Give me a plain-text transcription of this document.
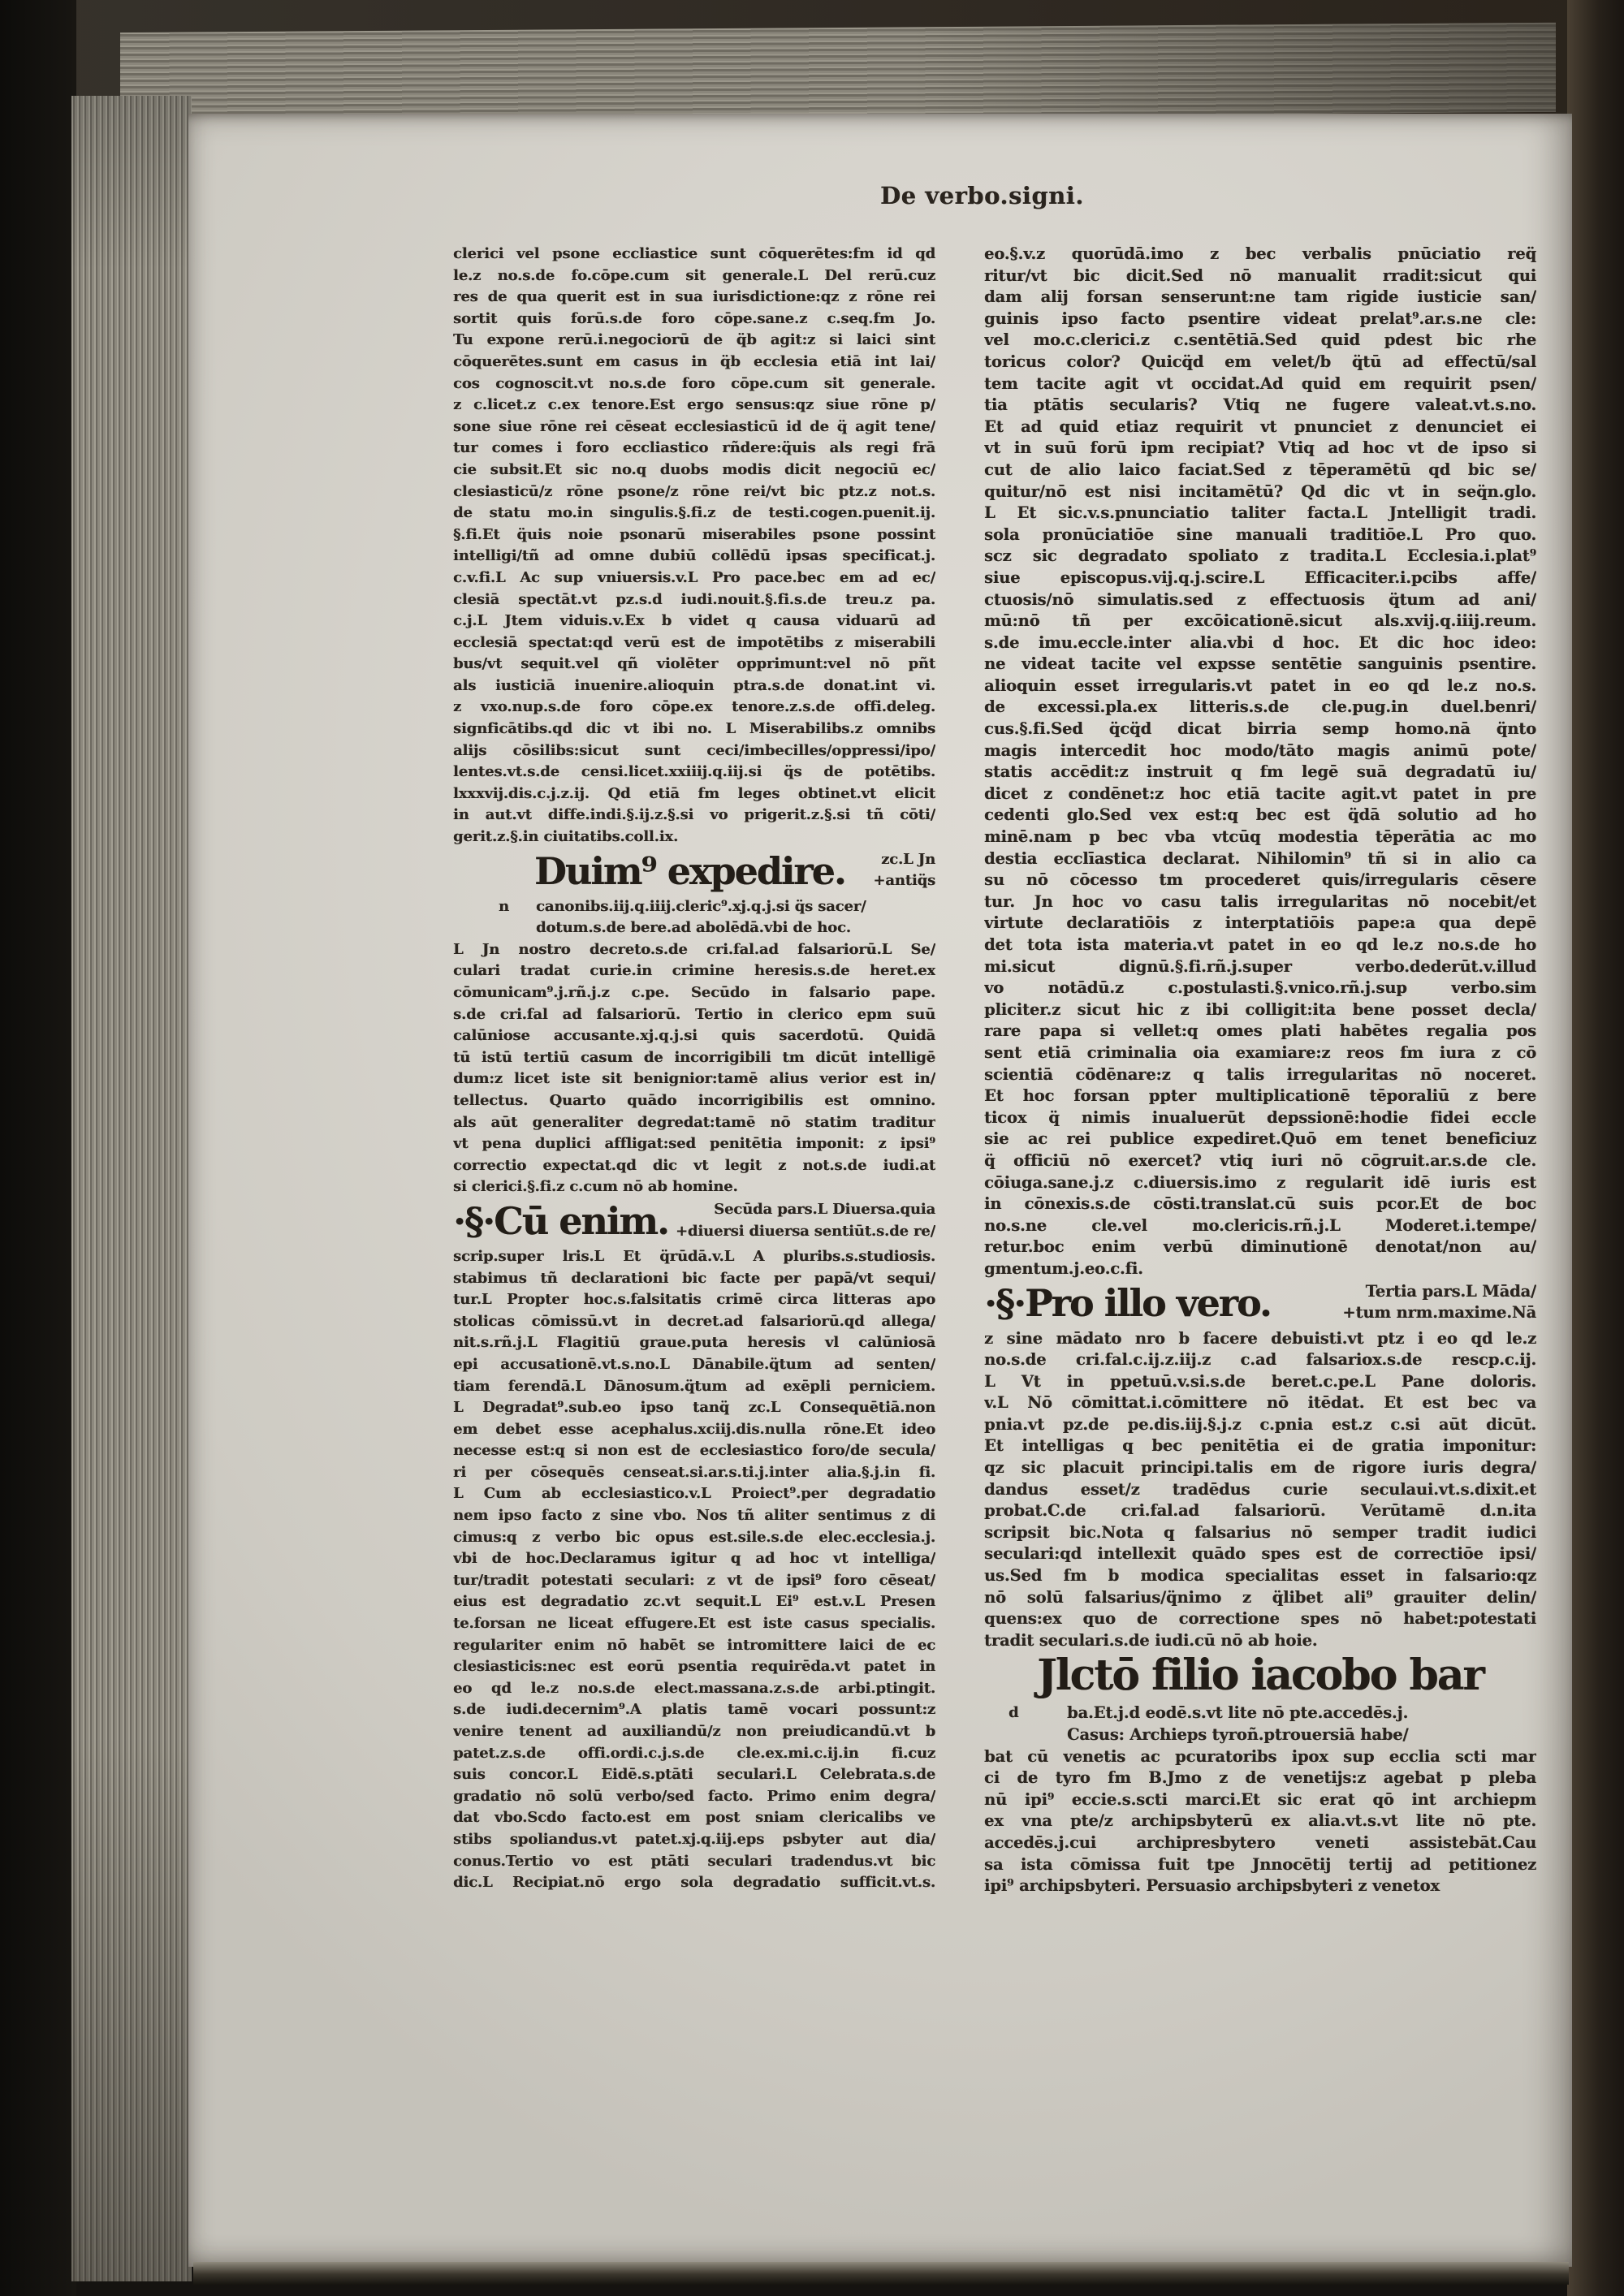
De verbo.signi.
clerici vel psone eccliastice sunt cōquerētes:fm id qd
le.z no.s.de fo.cōpe.cum sit generale.L Del rerū.cuz
res de qua querit est in sua iurisdictione:qz z rōne rei
sortit quis forū.s.de foro cōpe.sane.z c.seq.fm Jo.
Tu expone rerū.i.negociorū de q̈b agit:z si laici sint
cōquerētes.sunt em casus in q̈b ecclesia etiā int lai/
cos cognoscit.vt no.s.de foro cōpe.cum sit generale.
z c.licet.z c.ex tenore.Est ergo sensus:qz siue rōne p/
sone siue rōne rei cēseat ecclesiasticū id de q̈ agit tene/
tur comes i foro eccliastico rñdere:q̈uis als regi frā
cie subsit.Et sic no.q duobs modis dicit negociū ec/
clesiasticū/z rōne psone/z rōne rei/vt bic ptz.z not.s.
de statu mo.in singulis.§.fi.z de testi.cogen.puenit.ij.
§.fi.Et q̈uis noie psonarū miserabiles psone possint
intelligi/tñ ad omne dubiū collēdū ipsas specificat.j.
c.v.fi.L Ac sup vniuersis.v.L Pro pace.bec em ad ec/
clesiā spectāt.vt pz.s.d iudi.nouit.§.fi.s.de treu.z pa.
c.j.L Jtem viduis.v.Ex b videt q causa viduarū ad
ecclesiā spectat:qd verū est de impotētibs z miserabili
bus/vt sequit.vel qñ violēter opprimunt:vel nō pñt
als iusticiā inuenire.alioquin ptra.s.de donat.int vi.
z vxo.nup.s.de foro cōpe.ex tenore.z.s.de offi.deleg.
signficātibs.qd dic vt ibi no. L Miserabilibs.z omnibs
alijs cōsilibs:sicut sunt ceci/imbecilles/oppressi/ipo/
lentes.vt.s.de censi.licet.xxiiij.q.iij.si q̈s de potētibs.
lxxxvij.dis.c.j.z.ij. Qd etiā fm leges obtinet.vt elicit
in aut.vt diffe.indi.§.ij.z.§.si vo prigerit.z.§.si tñ cōti/
gerit.z.§.in ciuitatibs.coll.ix.
Duim⁹ expedire.	zc.L Jn
+antiq̈s
n	canonibs.iij.q.iiij.cleric⁹.xj.q.j.si q̈s sacer/
dotum.s.de bere.ad abolēdā.vbi de hoc.
L Jn nostro decreto.s.de cri.fal.ad falsariorū.L Se/
culari tradat curie.in crimine heresis.s.de heret.ex
cōmunicam⁹.j.rñ.j.z c.pe. Secūdo in falsario pape.
s.de cri.fal ad falsariorū. Tertio in clerico epm suū
calūniose accusante.xj.q.j.si quis sacerdotū. Quidā
tū istū tertiū casum de incorrigibili tm dicūt intelligē
dum:z licet iste sit benignior:tamē alius verior est in/
tellectus. Quarto quādo incorrigibilis est omnino.
als aūt generaliter degredat:tamē nō statim traditur
vt pena duplici affligat:sed penitētia imponit: z ipsi⁹
correctio expectat.qd dic vt legit z not.s.de iudi.at
si clerici.§.fi.z c.cum nō ab homine.
·§·Cū enim.	Secūda pars.L Diuersa.quia
+diuersi diuersa sentiūt.s.de re/
scrip.super lris.L Et q̈rūdā.v.L A pluribs.s.studiosis.
stabimus tñ declarationi bic facte per papā/vt sequi/
tur.L Propter hoc.s.falsitatis crimē circa litteras apo
stolicas cōmissū.vt in decret.ad falsariorū.qd allega/
nit.s.rñ.j.L Flagitiū graue.puta heresis vl calūniosā
epi accusationē.vt.s.no.L Dānabile.q̈tum ad senten/
tiam ferendā.L Dānosum.q̈tum ad exēpli perniciem.
L Degradat⁹.sub.eo ipso tanq̈ zc.L Consequētiā.non
em debet esse acephalus.xciij.dis.nulla rōne.Et ideo
necesse est:q si non est de ecclesiastico foro/de secula/
ri per cōsequēs censeat.si.ar.s.ti.j.inter alia.§.j.in fi.
L Cum ab ecclesiastico.v.L Proiect⁹.per degradatio
nem ipso facto z sine vbo. Nos tñ aliter sentimus z di
cimus:q z verbo bic opus est.sile.s.de elec.ecclesia.j.
vbi de hoc.Declaramus igitur q ad hoc vt intelliga/
tur/tradit potestati seculari: z vt de ipsi⁹ foro cēseat/
eius est degradatio zc.vt sequit.L Ei⁹ est.v.L Presen
te.forsan ne liceat effugere.Et est iste casus specialis.
regulariter enim nō habēt se intromittere laici de ec
clesiasticis:nec est eorū psentia requirēda.vt patet in
eo qd le.z no.s.de elect.massana.z.s.de arbi.ptingit.
s.de iudi.decernim⁹.A platis tamē vocari possunt:z
venire tenent ad auxiliandū/z non preiudicandū.vt b
patet.z.s.de offi.ordi.c.j.s.de cle.ex.mi.c.ij.in fi.cuz
suis concor.L Eidē.s.ptāti seculari.L Celebrata.s.de
gradatio nō solū verbo/sed facto. Primo enim degra/
dat vbo.Scdo facto.est em post sniam clericalibs ve
stibs spoliandus.vt patet.xj.q.iij.eps psbyter aut dia/
conus.Tertio vo est ptāti seculari tradendus.vt bic
dic.L Recipiat.nō ergo sola degradatio sufficit.vt.s.
eo.§.v.z quorūdā.imo z bec verbalis pnūciatio req̈
ritur/vt bic dicit.Sed nō manualit rradit:sicut qui
dam alij forsan senserunt:ne tam rigide iusticie san/
guinis ipso facto psentire videat prelat⁹.ar.s.ne cle:
vel mo.c.clerici.z c.sentētiā.Sed quid pdest bic rhe
toricus color? Quicq̈d em velet/b q̈tū ad effectū/sal
tem tacite agit vt occidat.Ad quid em requirit psen/
tia ptātis secularis? Vtiq ne fugere valeat.vt.s.no.
Et ad quid etiaz requirit vt pnunciet z denunciet ei
vt in suū forū ipm recipiat? Vtiq ad hoc vt de ipso si
cut de alio laico faciat.Sed z tēperamētū qd bic se/
quitur/nō est nisi incitamētū? Qd dic vt in seq̈n.glo.
L Et sic.v.s.pnunciatio taliter facta.L Jntelligit tradi.
sola pronūciatiōe sine manuali traditiōe.L Pro quo.
scz sic degradato spoliato z tradita.L Ecclesia.i.plat⁹
siue episcopus.vij.q.j.scire.L Efficaciter.i.pcibs affe/
ctuosis/nō simulatis.sed z effectuosis q̈tum ad ani/
mū:nō tñ per excōicationē.sicut als.xvij.q.iiij.reum.
s.de imu.eccle.inter alia.vbi d hoc. Et dic hoc ideo:
ne videat tacite vel expsse sentētie sanguinis psentire.
alioquin esset irregularis.vt patet in eo qd le.z no.s.
de excessi.pla.ex litteris.s.de cle.pug.in duel.benri/
cus.§.fi.Sed q̈cq̈d dicat birria semp homo.nā q̈nto
magis intercedit hoc modo/tāto magis animū pote/
statis accēdit:z instruit q fm legē suā degradatū iu/
dicet z condēnet:z hoc etiā tacite agit.vt patet in pre
cedenti glo.Sed vex est:q bec est q̈dā solutio ad ho
minē.nam p bec vba vtcūq modestia tēperātia ac mo
destia ecclīastica declarat. Nihilomin⁹ tñ si in alio ca
su nō cōcesso tm procederet quis/irregularis cēsere
tur. Jn hoc vo casu talis irregularitas nō nocebit/et
virtute declaratiōis z interptatiōis pape:a qua depē
det tota ista materia.vt patet in eo qd le.z no.s.de ho
mi.sicut dignū.§.fi.rñ.j.super verbo.dederūt.v.illud
vo notādū.z c.postulasti.§.vnico.rñ.j.sup verbo.sim
pliciter.z sicut hic z ibi colligit:ita bene posset decla/
rare papa si vellet:q omes plati habētes regalia pos
sent etiā criminalia oia examiare:z reos fm iura z cō
scientiā cōdēnare:z q talis irregularitas nō noceret.
Et hoc forsan ppter multiplicationē tēporaliū z bere
ticox q̈ nimis inualuerūt depssionē:hodie fidei eccle
sie ac rei publice expediret.Quō em tenet beneficiuz
q̈ officiū nō exercet? vtiq iuri nō cōgruit.ar.s.de cle.
cōiuga.sane.j.z c.diuersis.imo z regularit idē iuris est
in cōnexis.s.de cōsti.translat.cū suis pcor.Et de boc
no.s.ne cle.vel mo.clericis.rñ.j.L Moderet.i.tempe/
retur.boc enim verbū diminutionē denotat/non au/
gmentum.j.eo.c.fi.
·§·Pro illo vero.	Tertia pars.L Māda/
+tum nrm.maxime.Nā
z sine mādato nro b facere debuisti.vt ptz i eo qd le.z
no.s.de cri.fal.c.ij.z.iij.z c.ad falsariox.s.de rescp.c.ij.
L Vt in ppetuū.v.si.s.de beret.c.pe.L Pane doloris.
v.L Nō cōmittat.i.cōmittere nō itēdat. Et est bec va
pnia.vt pz.de pe.dis.iij.§.j.z c.pnia est.z c.si aūt dicūt.
Et intelligas q bec penitētia ei de gratia imponitur:
qz sic placuit principi.talis em de rigore iuris degra/
dandus esset/z tradēdus curie seculaui.vt.s.dixit.et
probat.C.de cri.fal.ad falsariorū. Verūtamē d.n.ita
scripsit bic.Nota q falsarius nō semper tradit iudici
seculari:qd intellexit quādo spes est de correctiōe ipsi/
us.Sed fm b modica specialitas esset in falsario:qz
nō solū falsarius/q̈nimo z q̈libet ali⁹ grauiter delin/
quens:ex quo de correctione spes nō habet:potestati
tradit seculari.s.de iudi.cū nō ab hoie.
Jlctō filio iacobo bar
d	ba.Et.j.d eodē.s.vt lite nō pte.accedēs.j.
Casus: Archieps tyroñ.ptrouersiā habe/
bat cū venetis ac pcuratoribs ipox sup ecclia scti mar
ci de tyro fm B.Jmo z de venetijs:z agebat p pleba
nū ipi⁹ eccie.s.scti marci.Et sic erat qō int archiepm
ex vna pte/z archipsbyterū ex alia.vt.s.vt lite nō pte.
accedēs.j.cui archipresbytero veneti assistebāt.Cau
sa ista cōmissa fuit tpe Jnnocētij tertij ad petitionez
ipi⁹ archipsbyteri. Persuasio archipsbyteri z venetox
